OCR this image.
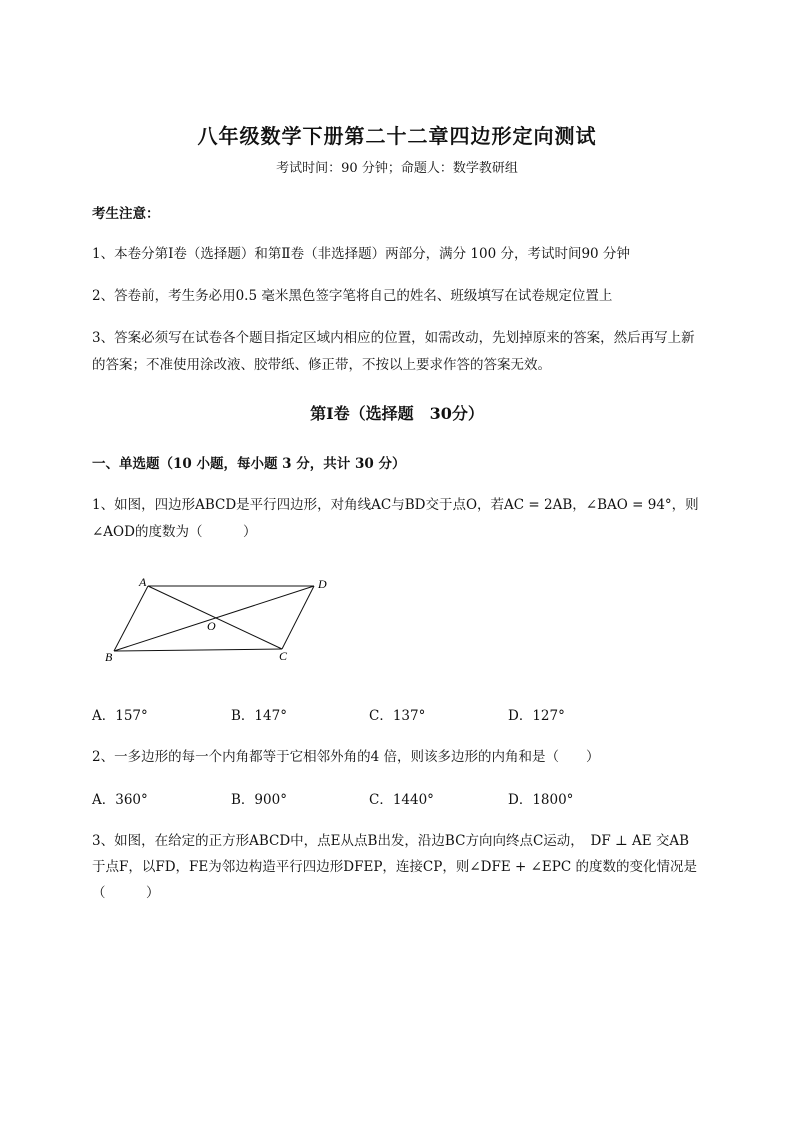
八年级数学下册第二十二章四边形定向测试
考试时间：90 分钟；命题人：数学教研组
考生注意：
1、本卷分第Ⅰ卷（选择题）和第Ⅱ卷（非选择题）两部分，满分 100 分，考试时间90 分钟
2、答卷前，考生务必用0.5 毫米黑色签字笔将自己的姓名、班级填写在试卷规定位置上
3、答案必须写在试卷各个题目指定区域内相应的位置，如需改动，先划掉原来的答案，然后再写上新
的答案；不准使用涂改液、胶带纸、修正带，不按以上要求作答的答案无效。
第Ⅰ卷（选择题　30分）
一、单选题（10 小题，每小题 3 分，共计 30 分）
1、如图，四边形ABCD是平行四边形，对角线AC与BD交于点O，若AC = 2AB，∠BAO = 94°，则
∠AOD的度数为（　　　）
A	D
B	C
O
A．157°	B．147°	C．137°	D．127°
2、一多边形的每一个内角都等于它相邻外角的4 倍，则该多边形的内角和是（　　）
A．360°	B．900°	C．1440°	D．1800°
3、如图，在给定的正方形ABCD中，点E从点B出发，沿边BC方向向终点C运动，　DF ⊥ AE 交AB
于点F，以FD，FE为邻边构造平行四边形DFEP，连接CP，则∠DFE + ∠EPC 的度数的变化情况是
（　　　）
